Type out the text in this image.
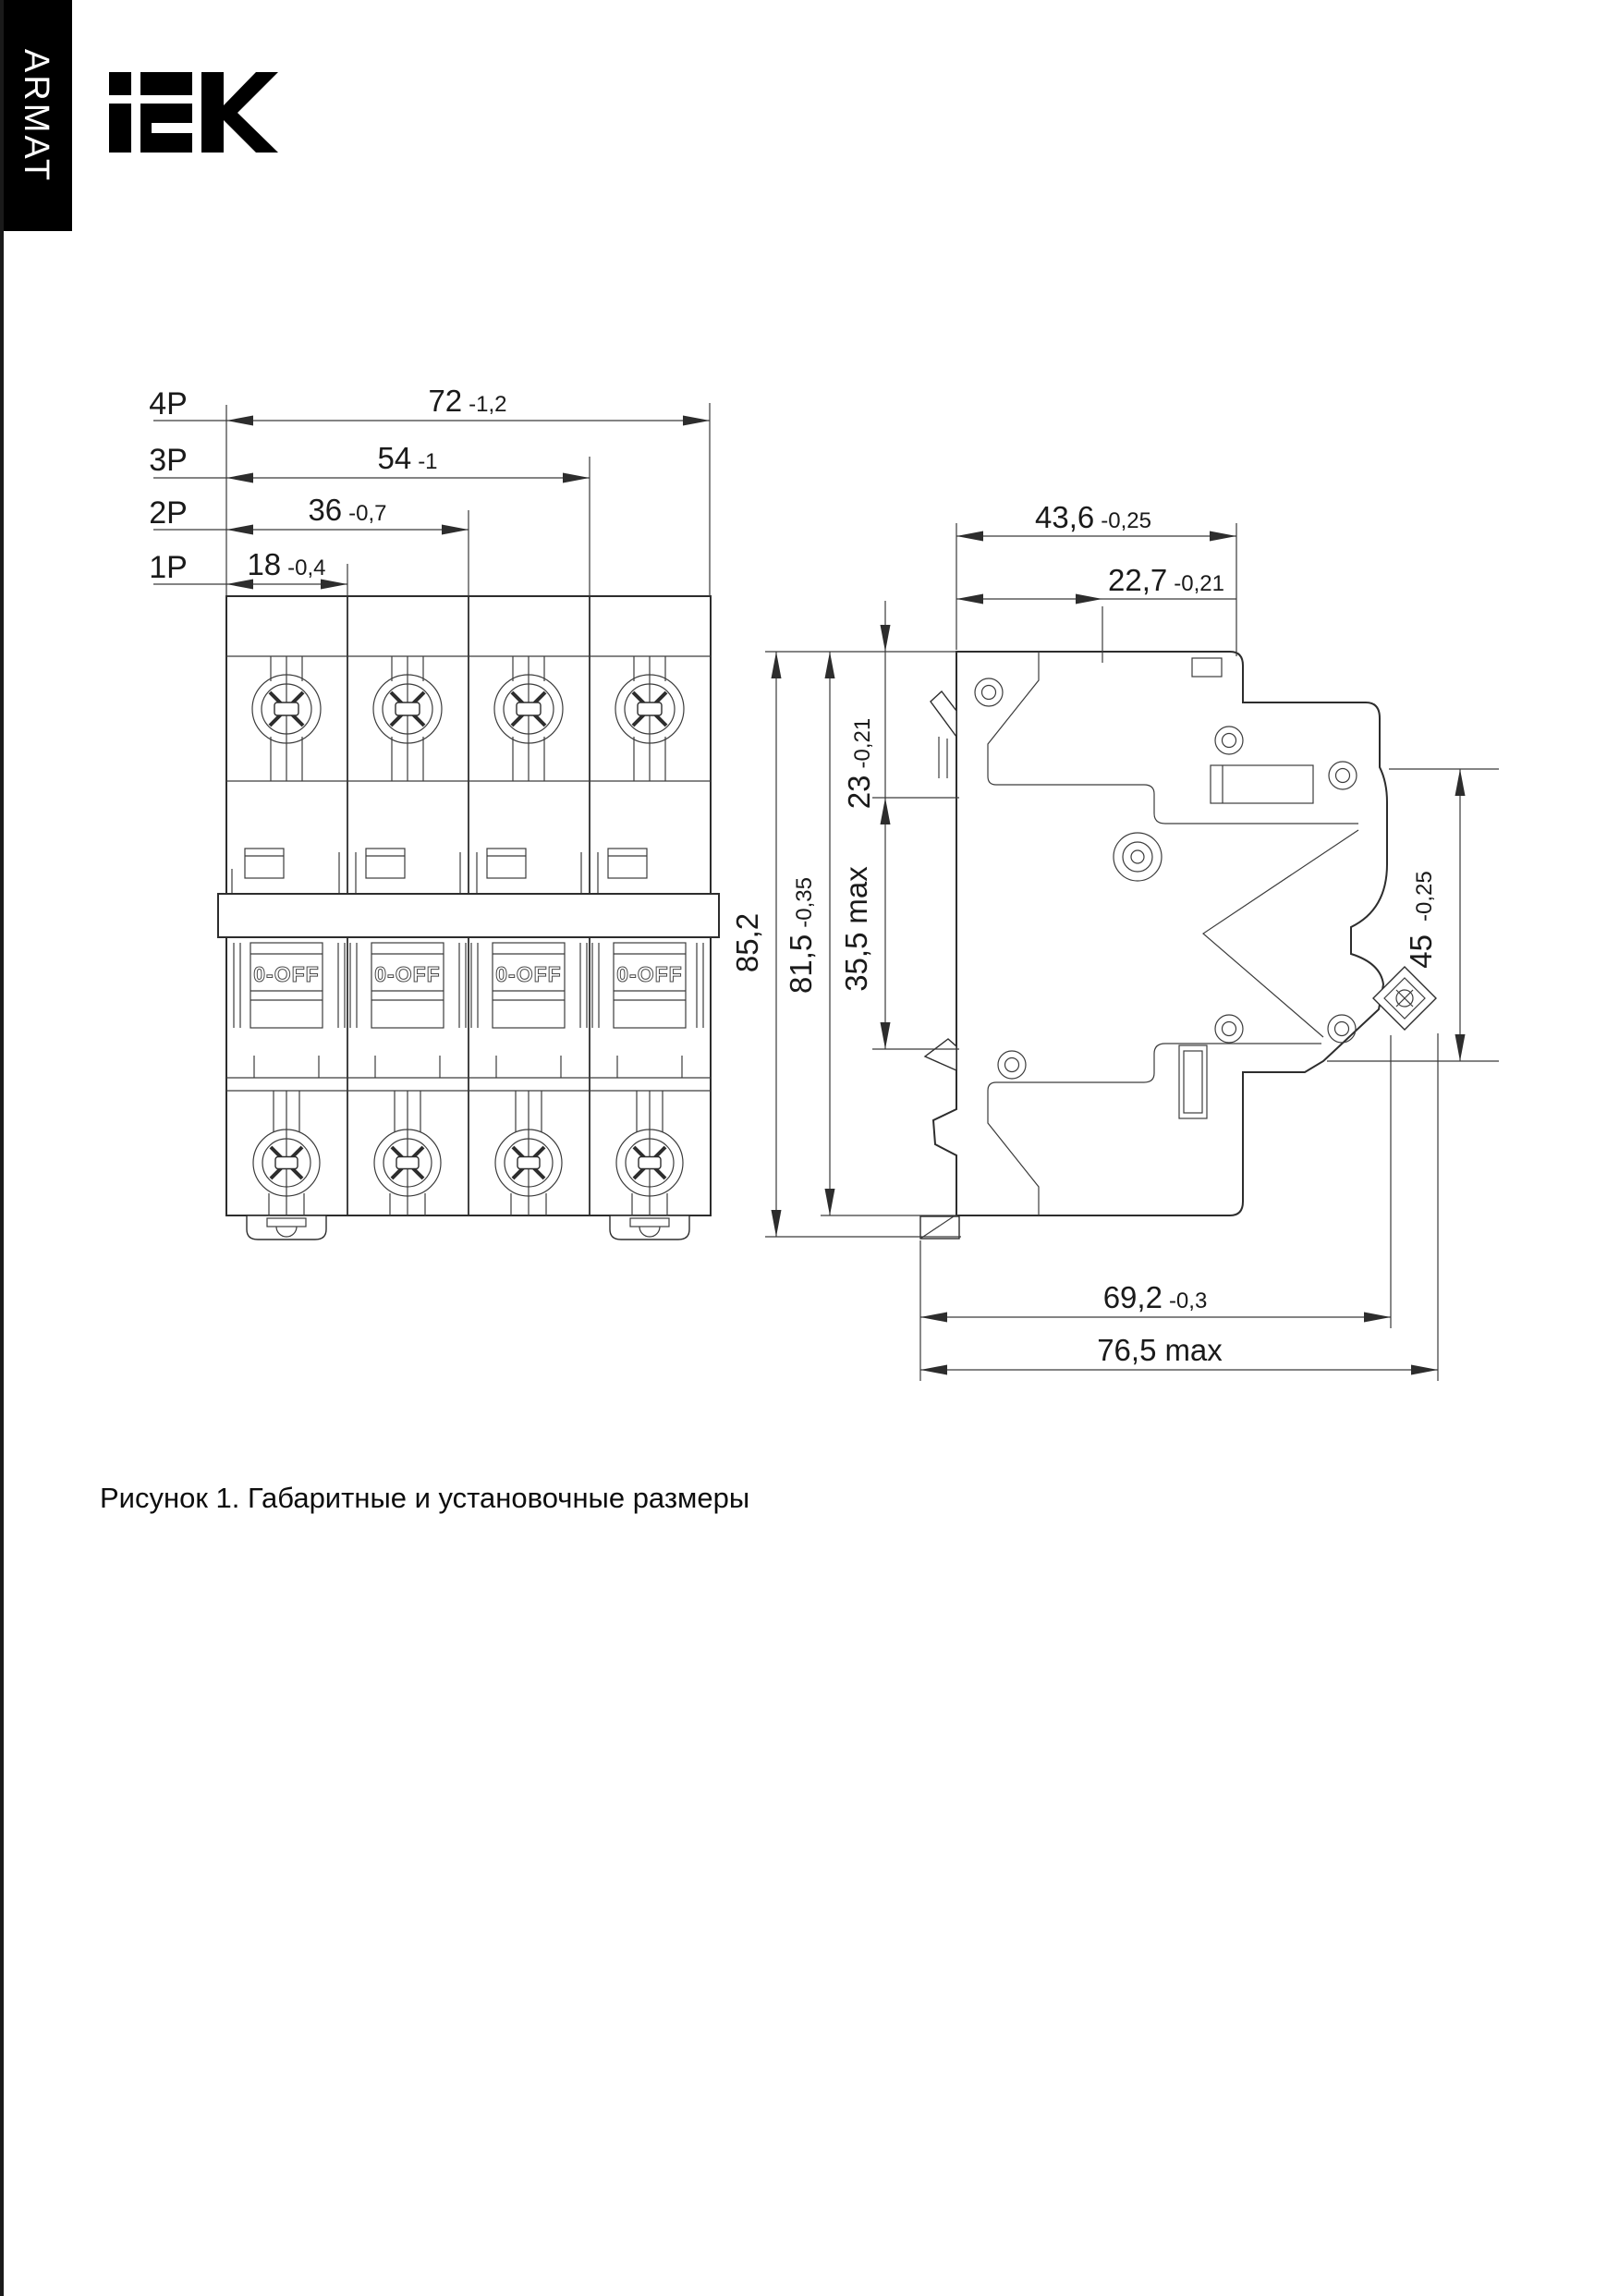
ARMAT
0-OFF	0-OFF	0-OFF	0-OFF
4P	72 -1,2
3P	54 -1
2P	36 -0,7
1P 18 -0,4
43,6 -0,25
22,7 -0,21
85,2 81,5-0,35
23-0,21
35,5max
45-0,25
69,2 -0,3
76,5 max
Рисунок 1. Габаритные и установочные размеры
